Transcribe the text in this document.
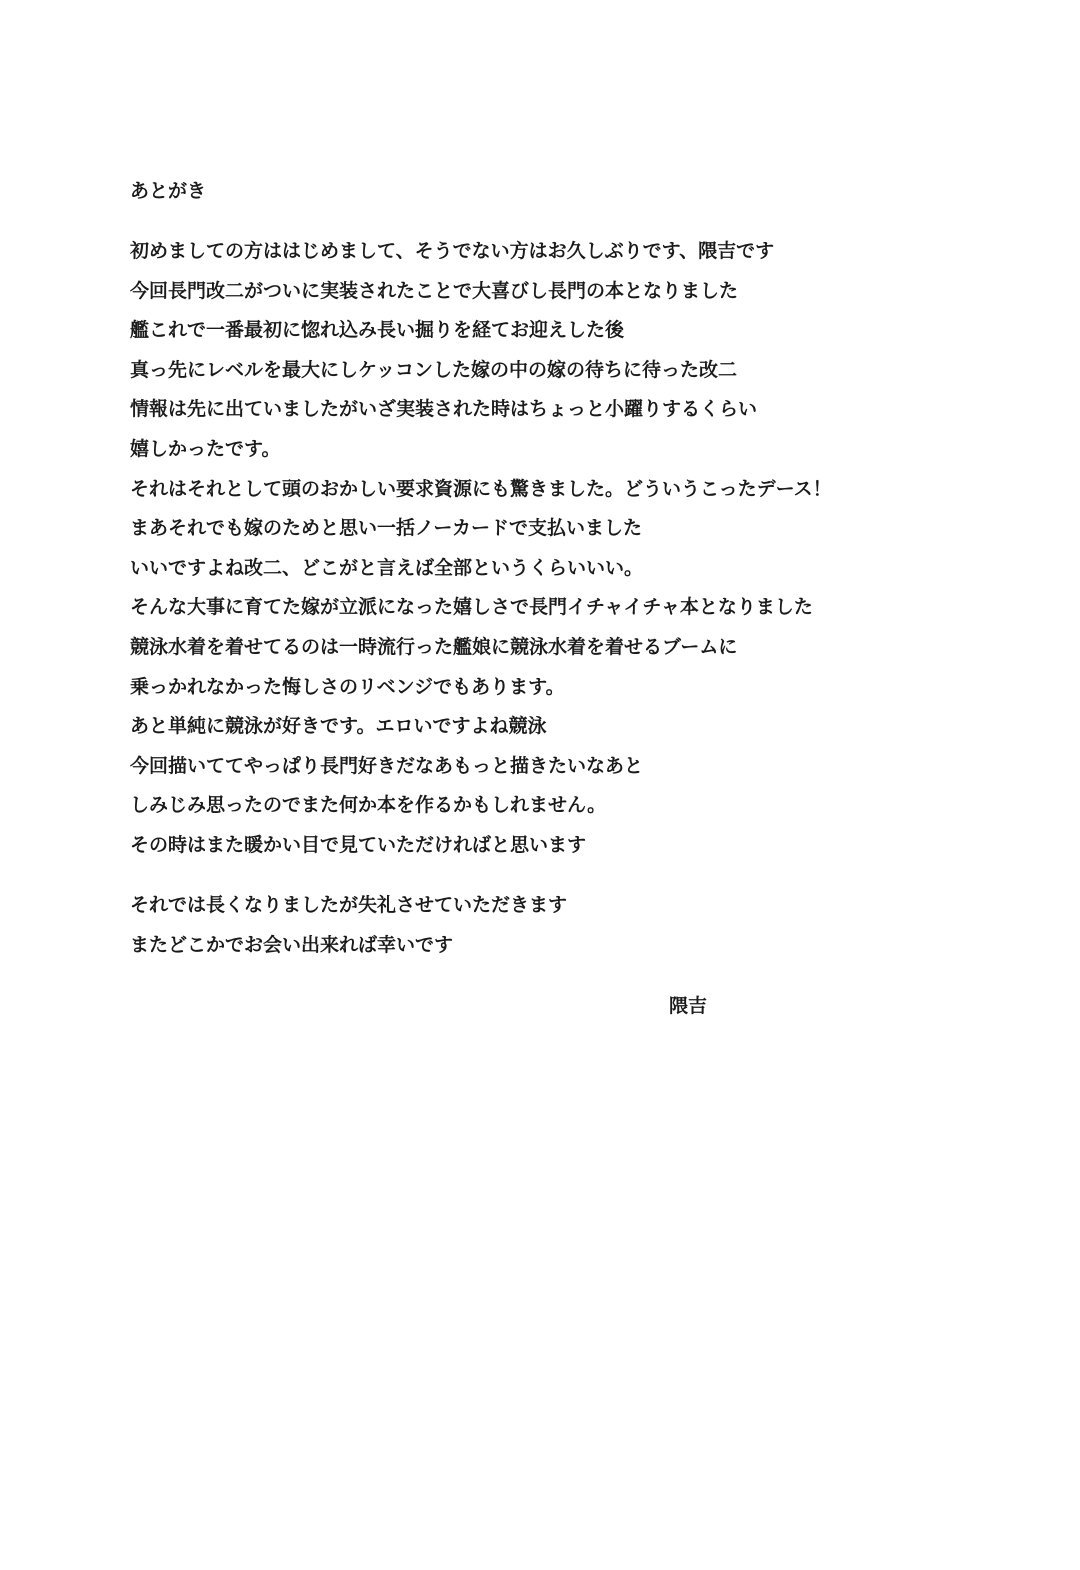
あとがき
初めましての方ははじめまして、そうでない方はお久しぶりです、隈吉です
今回長門改二がついに実装されたことで大喜びし長門の本となりました
艦これで一番最初に惚れ込み長い掘りを経てお迎えした後
真っ先にレベルを最大にしケッコンした嫁の中の嫁の待ちに待った改二
情報は先に出ていましたがいざ実装された時はちょっと小躍りするくらい
嬉しかったです。
それはそれとして頭のおかしい要求資源にも驚きました。どういうこったデース！
まあそれでも嫁のためと思い一括ノーカードで支払いました
いいですよね改二、どこがと言えば全部というくらいいい。
そんな大事に育てた嫁が立派になった嬉しさで長門イチャイチャ本となりました
競泳水着を着せてるのは一時流行った艦娘に競泳水着を着せるブームに
乗っかれなかった悔しさのリベンジでもあります。
あと単純に競泳が好きです。エロいですよね競泳
今回描いててやっぱり長門好きだなあもっと描きたいなあと
しみじみ思ったのでまた何か本を作るかもしれません。
その時はまた暖かい目で見ていただければと思います
それでは長くなりましたが失礼させていただきます
またどこかでお会い出来れば幸いです
隈吉
